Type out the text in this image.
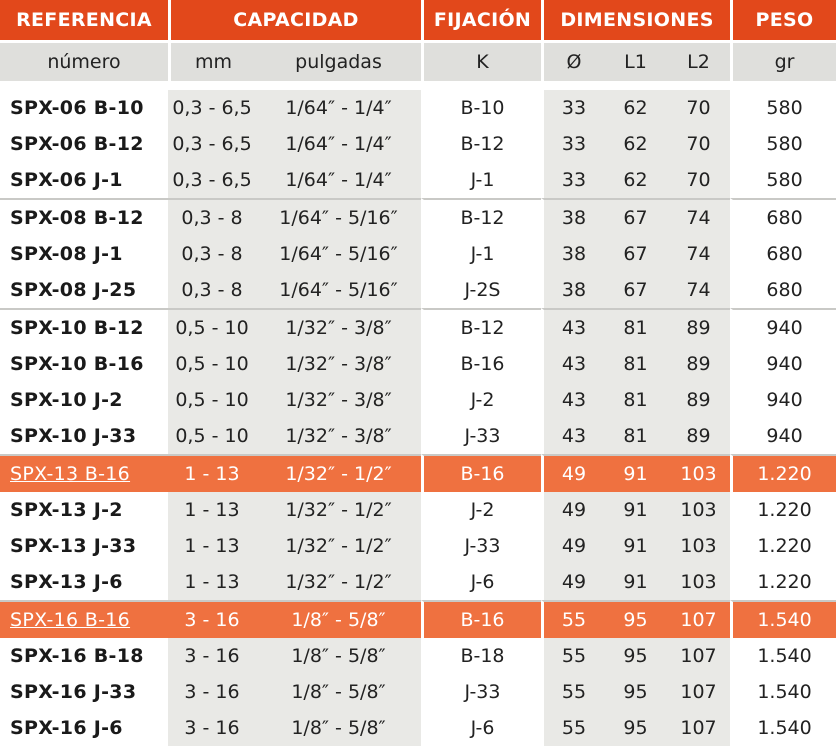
REFERENCIA	CAPACIDAD		FIJACIÓN	DIMENSIONES			PESO
número	mm	pulgadas	K	Ø	L1	L2	gr

SPX-06 B-10	0,3 - 6,5	1/64″ - 1/4″	B-10	33	62	70	580
SPX-06 B-12	0,3 - 6,5	1/64″ - 1/4″	B-12	33	62	70	580
SPX-06 J-1	0,3 - 6,5	1/64″ - 1/4″	J-1	33	62	70	580
SPX-08 B-12	0,3 - 8	1/64″ - 5/16″	B-12	38	67	74	680
SPX-08 J-1	0,3 - 8	1/64″ - 5/16″	J-1	38	67	74	680
SPX-08 J-25	0,3 - 8	1/64″ - 5/16″	J-2S	38	67	74	680
SPX-10 B-12	0,5 - 10	1/32″ - 3/8″	B-12	43	81	89	940
SPX-10 B-16	0,5 - 10	1/32″ - 3/8″	B-16	43	81	89	940
SPX-10 J-2	0,5 - 10	1/32″ - 3/8″	J-2	43	81	89	940
SPX-10 J-33	0,5 - 10	1/32″ - 3/8″	J-33	43	81	89	940
SPX-13 B-16	1 - 13	1/32″ - 1/2″	B-16	49	91	103	1.220
SPX-13 J-2	1 - 13	1/32″ - 1/2″	J-2	49	91	103	1.220
SPX-13 J-33	1 - 13	1/32″ - 1/2″	J-33	49	91	103	1.220
SPX-13 J-6	1 - 13	1/32″ - 1/2″	J-6	49	91	103	1.220
SPX-16 B-16	3 - 16	1/8″ - 5/8″	B-16	55	95	107	1.540
SPX-16 B-18	3 - 16	1/8″ - 5/8″	B-18	55	95	107	1.540
SPX-16 J-33	3 - 16	1/8″ - 5/8″	J-33	55	95	107	1.540
SPX-16 J-6	3 - 16	1/8″ - 5/8″	J-6	55	95	107	1.540
